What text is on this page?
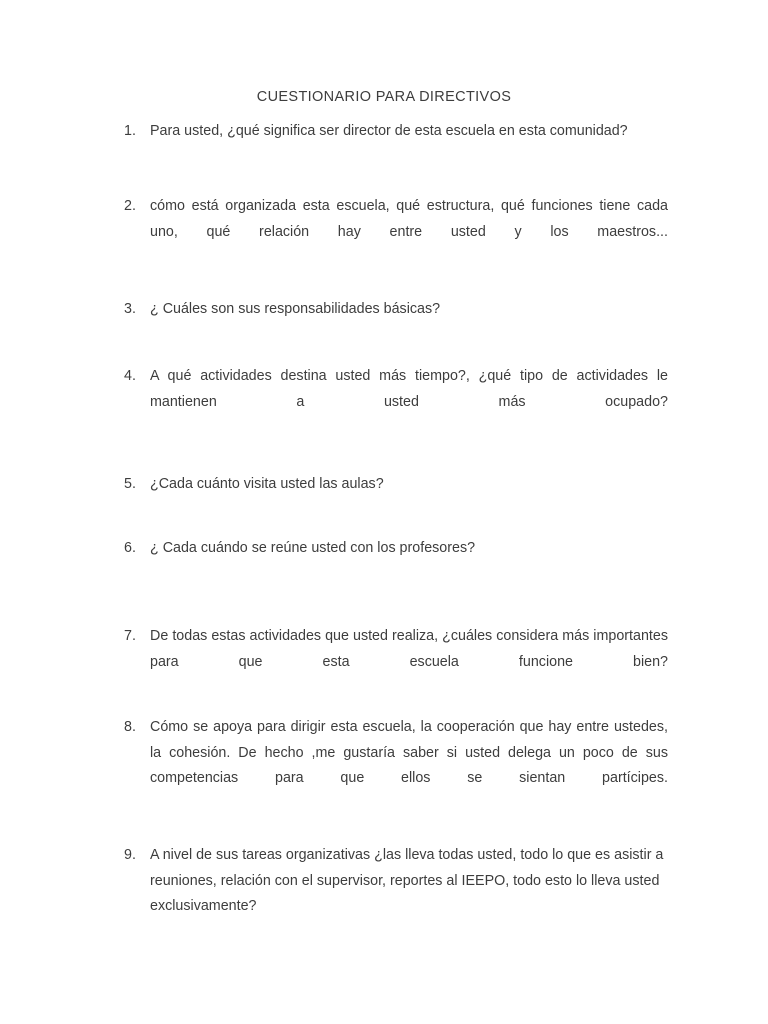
CUESTIONARIO PARA DIRECTIVOS
1. Para usted, ¿qué significa ser director de esta escuela en esta comunidad?
2. cómo está organizada esta escuela, qué estructura, qué funciones tiene cada uno, qué relación hay entre usted y los maestros...
3. ¿ Cuáles son sus responsabilidades básicas?
4. A qué actividades destina usted más tiempo?, ¿qué tipo de actividades le mantienen a usted más ocupado?
5. ¿Cada cuánto visita usted las aulas?
6. ¿ Cada cuándo se reúne usted con los profesores?
7. De todas estas actividades que usted realiza, ¿cuáles considera más importantes para que esta escuela funcione bien?
8. Cómo se apoya para dirigir esta escuela, la cooperación que hay entre ustedes, la cohesión. De hecho ,me gustaría saber si usted delega un poco de sus competencias para que ellos se sientan partícipes.
9. A nivel de sus tareas organizativas ¿las lleva todas usted, todo lo que es asistir a reuniones, relación con el supervisor, reportes al IEEPO, todo esto lo lleva usted exclusivamente?
